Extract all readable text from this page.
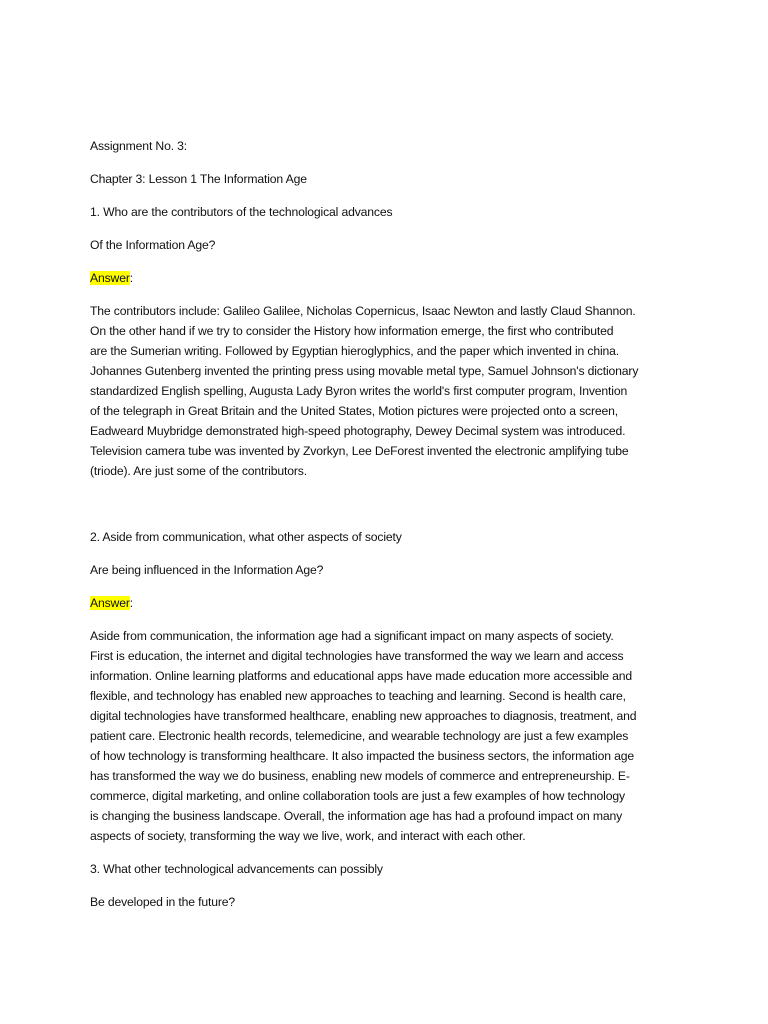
Assignment No. 3:

Chapter 3: Lesson 1 The Information Age

1. Who are the contributors of the technological advances

Of the Information Age?

Answer:

The contributors include: Galileo Galilee, Nicholas Copernicus, Isaac Newton and lastly Claud Shannon.
On the other hand if we try to consider the History how information emerge, the first who contributed
are the Sumerian writing. Followed by Egyptian hieroglyphics, and the paper which invented in china.
Johannes Gutenberg invented the printing press using movable metal type, Samuel Johnson's dictionary
standardized English spelling, Augusta Lady Byron writes the world's first computer program, Invention
of the telegraph in Great Britain and the United States, Motion pictures were projected onto a screen,
Eadweard Muybridge demonstrated high-speed photography, Dewey Decimal system was introduced.
Television camera tube was invented by Zvorkyn, Lee DeForest invented the electronic amplifying tube
(triode). Are just some of the contributors.

2. Aside from communication, what other aspects of society

Are being influenced in the Information Age?

Answer:

Aside from communication, the information age had a significant impact on many aspects of society.
First is education, the internet and digital technologies have transformed the way we learn and access
information. Online learning platforms and educational apps have made education more accessible and
flexible, and technology has enabled new approaches to teaching and learning. Second is health care,
digital technologies have transformed healthcare, enabling new approaches to diagnosis, treatment, and
patient care. Electronic health records, telemedicine, and wearable technology are just a few examples
of how technology is transforming healthcare. It also impacted the business sectors, the information age
has transformed the way we do business, enabling new models of commerce and entrepreneurship. E-
commerce, digital marketing, and online collaboration tools are just a few examples of how technology
is changing the business landscape. Overall, the information age has had a profound impact on many
aspects of society, transforming the way we live, work, and interact with each other.

3. What other technological advancements can possibly

Be developed in the future?
